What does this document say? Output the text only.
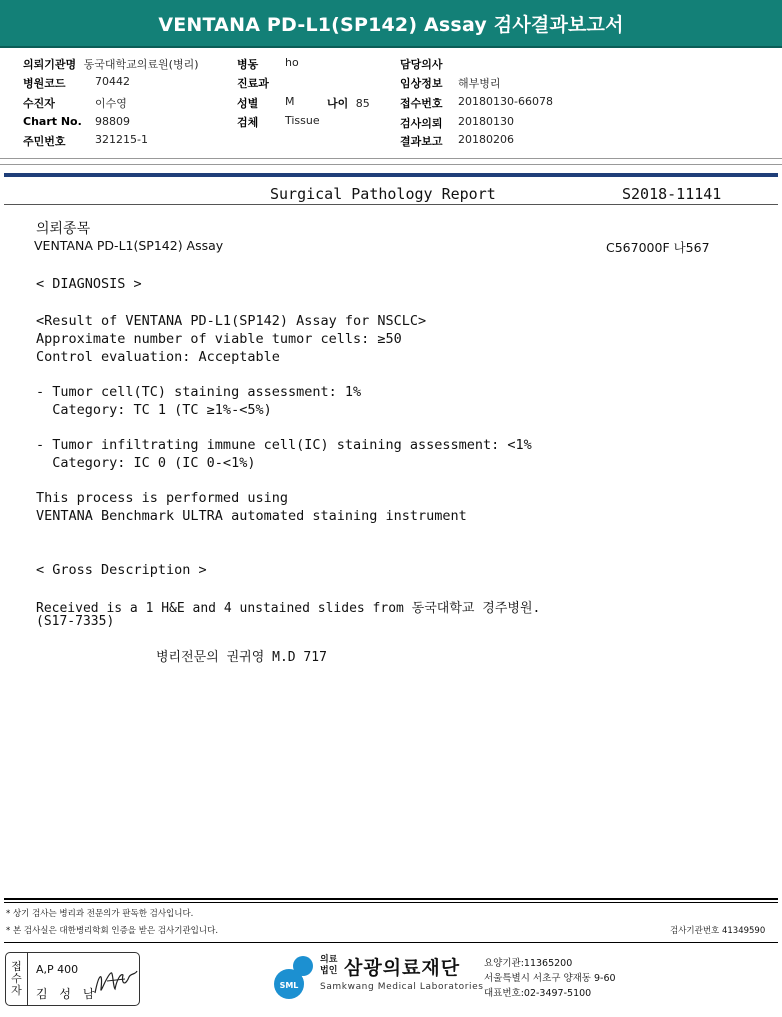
VENTANA PD-L1(SP142) Assay 검사결과보고서
의뢰기관명 동국대학교의료원(병리)
병원코드	70442
수진자	이수영
Chart No. 98809
주민번호	321215-1
병동 ho
진료과
성별 M	나이 85
검체 Tissue
담당의사
임상정보 해부병리
접수번호 20180130-66078
검사의뢰 20180130
결과보고 20180206
Surgical Pathology Report	S2018-11141
의뢰종목
VENTANA PD-L1(SP142) Assay	C567000F 나567
< DIAGNOSIS >
<Result of VENTANA PD-L1(SP142) Assay for NSCLC>
Approximate number of viable tumor cells: ≥50
Control evaluation: Acceptable
- Tumor cell(TC) staining assessment: 1%
Category: TC 1 (TC ≥1%-<5%)
- Tumor infiltrating immune cell(IC) staining assessment: <1%
Category: IC 0 (IC 0-<1%)
This process is performed using
VENTANA Benchmark ULTRA automated staining instrument
< Gross Description >
Received is a 1 H&E and 4 unstained slides from 동국대학교 경주병원.
(S17-7335)
병리전문의 권귀영 M.D 717
* 상기 검사는 병리과 전문의가 판독한 검사입니다.
* 본 검사실은 대한병리학회 인증을 받은 검사기관입니다.	검사기관번호 41349590
접
수
자
A,P 400
김 성 남
SML
의료
법인 삼광의료재단
Samkwang Medical Laboratories
요양기관:11365200
서울특별시 서초구 양재동 9-60
대표번호:02-3497-5100
